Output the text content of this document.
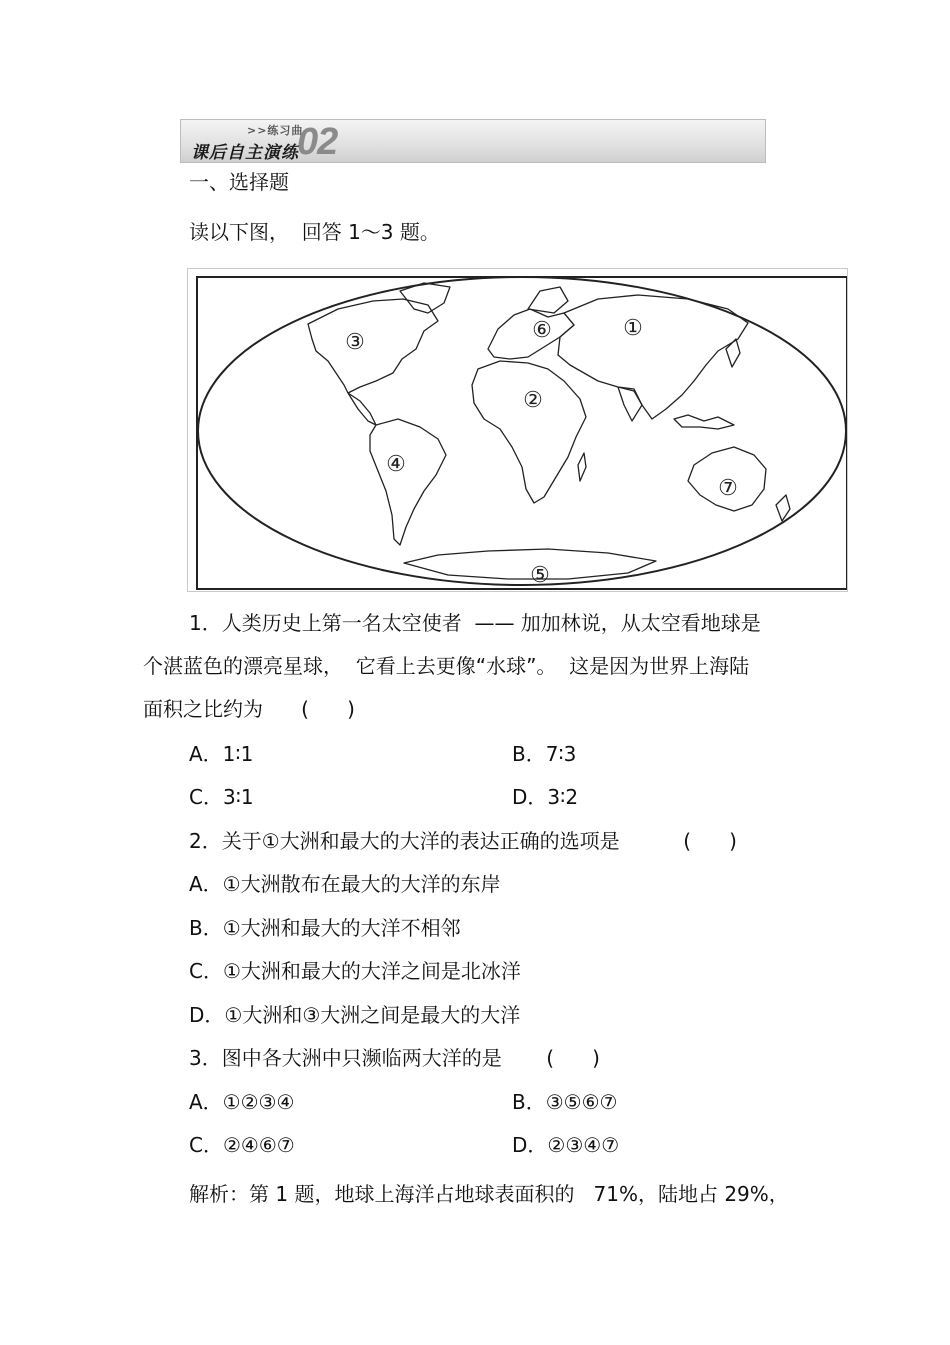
>>练习曲
课后自主演练
02
一、选择题
读以下图，  回答 1～3 题。
①
②
③
④
⑤
⑥
⑦
1．人类历史上第一名太空使者  —— 加加林说，从太空看地球是
个湛蓝色的漂亮星球，  它看上去更像“水球”。  这是因为世界上海陆
面积之比约为      (      )
A．1∶1	B．7∶3
C．3∶1	D．3∶2
2．关于①大洲和最大的大洋的表达正确的选项是          (      )
A．①大洲散布在最大的大洋的东岸
B．①大洲和最大的大洋不相邻
C．①大洲和最大的大洋之间是北冰洋
D．①大洲和③大洲之间是最大的大洋
3．图中各大洲中只濒临两大洋的是       (      )
A．①②③④	B．③⑤⑥⑦
C．②④⑥⑦	D．②③④⑦
解析：第 1 题，地球上海洋占地球表面积的   71%，陆地占 29%，
